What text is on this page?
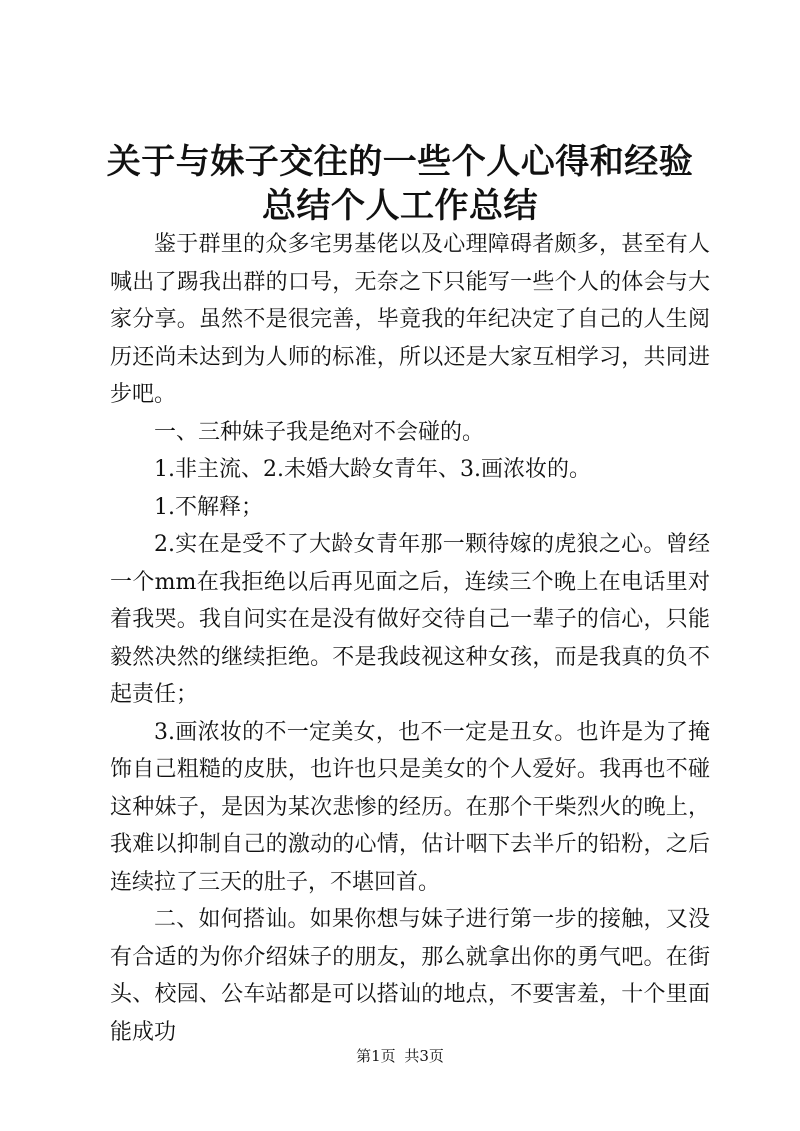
关于与妹子交往的一些个人心得和经验总结个人工作总结

鉴于群里的众多宅男基佬以及心理障碍者颇多，甚至有人喊出了踢我出群的口号，无奈之下只能写一些个人的体会与大家分享。虽然不是很完善，毕竟我的年纪决定了自己的人生阅历还尚未达到为人师的标准，所以还是大家互相学习，共同进步吧。

一、三种妹子我是绝对不会碰的。

1.非主流、2.未婚大龄女青年、3.画浓妆的。

1.不解释；

2.实在是受不了大龄女青年那一颗待嫁的虎狼之心。曾经一个mm在我拒绝以后再见面之后，连续三个晚上在电话里对着我哭。我自问实在是没有做好交待自己一辈子的信心，只能毅然决然的继续拒绝。不是我歧视这种女孩，而是我真的负不起责任；

3.画浓妆的不一定美女，也不一定是丑女。也许是为了掩饰自己粗糙的皮肤，也许也只是美女的个人爱好。我再也不碰这种妹子，是因为某次悲惨的经历。在那个干柴烈火的晚上，我难以抑制自己的激动的心情，估计咽下去半斤的铅粉，之后连续拉了三天的肚子，不堪回首。

二、如何搭讪。如果你想与妹子进行第一步的接触，又没有合适的为你介绍妹子的朋友，那么就拿出你的勇气吧。在街头、校园、公车站都是可以搭讪的地点，不要害羞，十个里面能成功

第1页 共3页
